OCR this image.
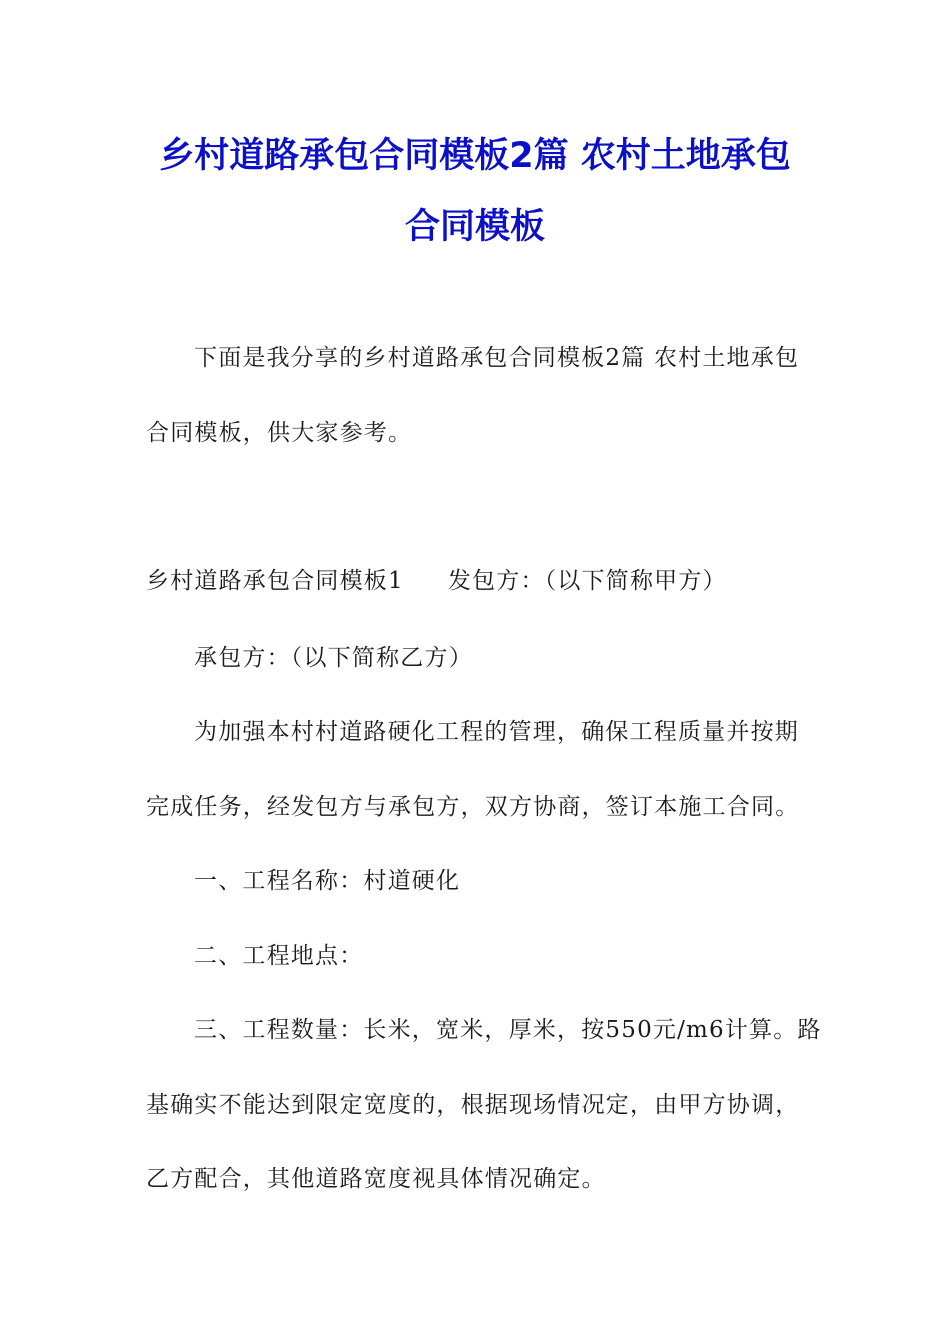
乡村道路承包合同模板2篇 农村土地承包
合同模板
下面是我分享的乡村道路承包合同模板2篇 农村土地承包
合同模板，供大家参考。
乡村道路承包合同模板1 发包方：（以下简称甲方）
承包方：（以下简称乙方）
为加强本村村道路硬化工程的管理，确保工程质量并按期
完成任务，经发包方与承包方，双方协商，签订本施工合同。
一、工程名称：村道硬化
二、工程地点：
三、工程数量：长米，宽米，厚米，按550元/m6计算。路
基确实不能达到限定宽度的，根据现场情况定，由甲方协调，
乙方配合，其他道路宽度视具体情况确定。
